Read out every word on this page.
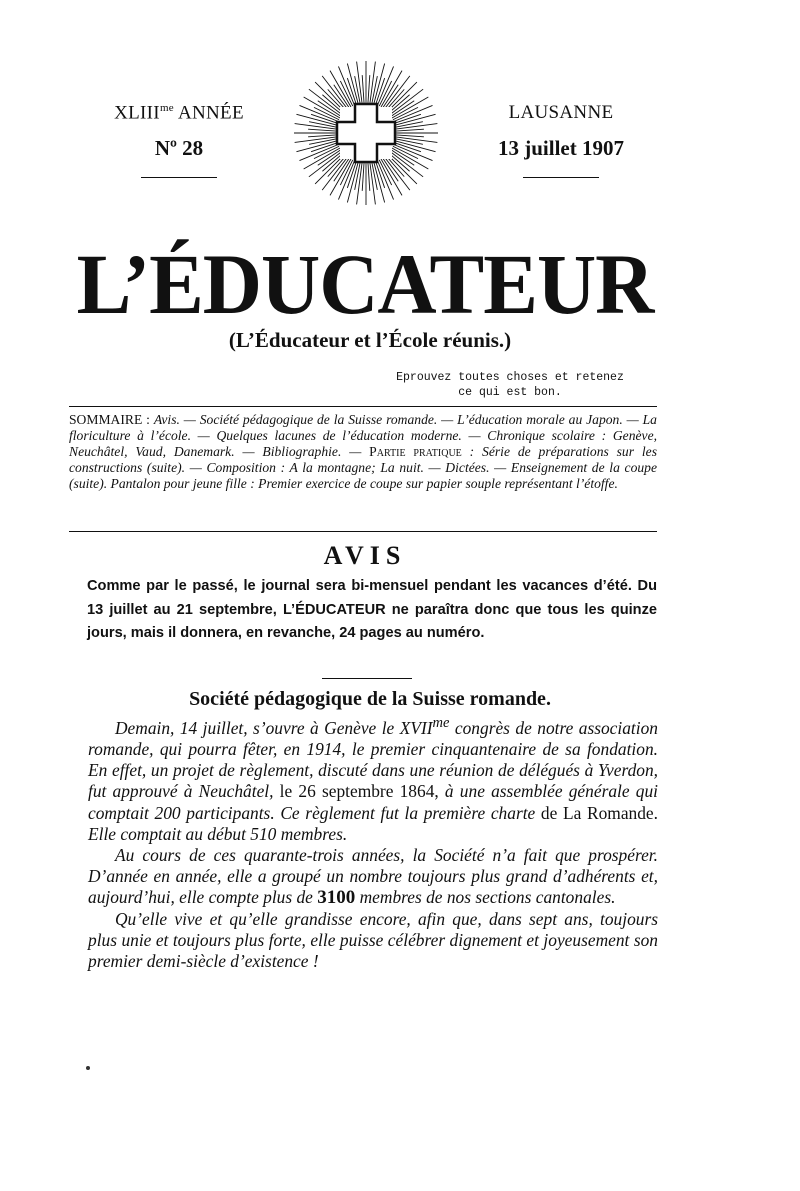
$XLIII^{me}$ ANNÉE
Nº 28
LAUSANNE
13 juillet 1907
L’ÉDUCATEUR
(L’Éducateur et l’École réunis.)
Eprouvez toutes choses et retenez
ce qui est bon.
SOMMAIRE : Avis. — Société pédagogique de la Suisse romande. — L’éducation morale au Japon. — La floriculture à l’école. — Quelques lacunes de l’éducation moderne. — Chronique scolaire : Genève, Neuchâtel, Vaud, Danemark. — Bibliographie. — Partie pratique : Série de préparations sur les constructions (suite). — Composition : A la montagne; La nuit. — Dictées. — Enseignement de la coupe (suite). Pantalon pour jeune fille : Premier exercice de coupe sur papier souple représentant l’étoffe.
AVIS
Comme par le passé, le journal sera bi-mensuel pendant les vacances d’été. Du 13 juillet au 21 septembre, L’ÉDUCATEUR ne paraîtra donc que tous les quinze jours, mais il donnera, en revanche, 24 pages au numéro.
Société pédagogique de la Suisse romande.

Demain, 14 juillet, s’ouvre à Genève le $XVII^{me}$ congrès de notre association romande, qui pourra fêter, en 1914, le premier cinquantenaire de sa fondation. En effet, un projet de règlement, discuté dans une réunion de délégués à Yverdon, fut approuvé à Neuchâtel, le 26 septembre 1864, à une assemblée générale qui comptait 200 participants. Ce règlement fut la première charte de La Romande. Elle comptait au début 510 membres.

Au cours de ces quarante-trois années, la Société n’a fait que prospérer. D’année en année, elle a groupé un nombre toujours plus grand d’adhérents et, aujourd’hui, elle compte plus de 3100 membres de nos sections cantonales.

Qu’elle vive et qu’elle grandisse encore, afin que, dans sept ans, toujours plus unie et toujours plus forte, elle puisse célébrer dignement et joyeusement son premier demi-siècle d’existence !
